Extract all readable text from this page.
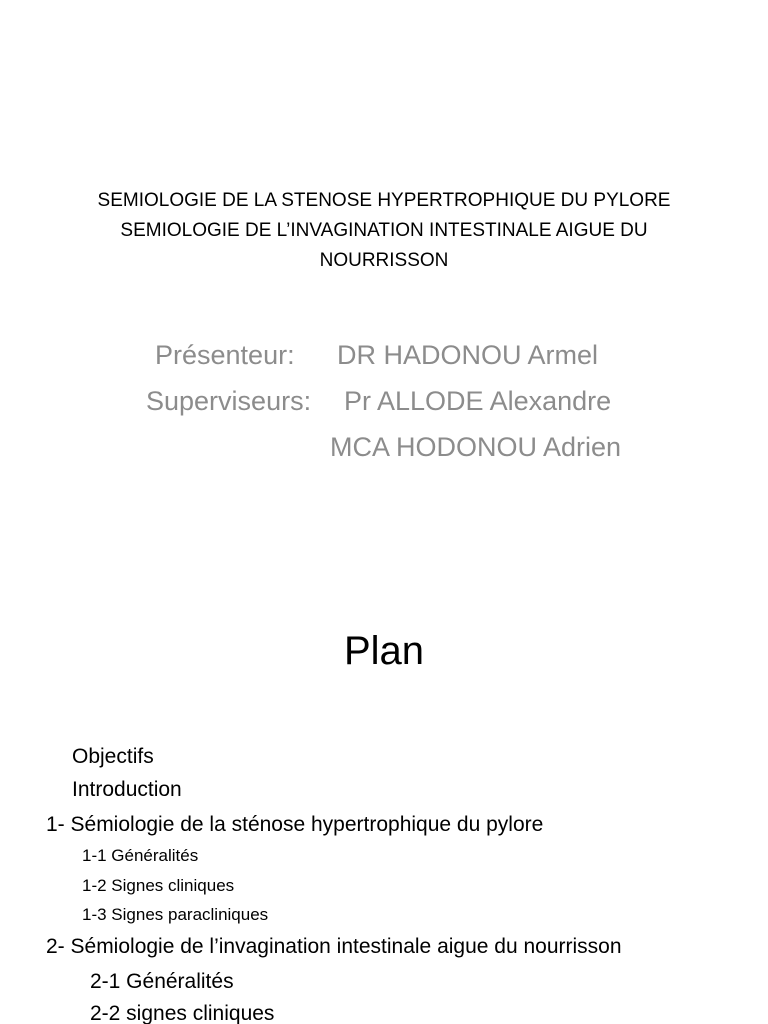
SEMIOLOGIE DE LA STENOSE HYPERTROPHIQUE DU PYLORE
SEMIOLOGIE DE L’INVAGINATION INTESTINALE AIGUE DU
NOURRISSON
Présenteur: DR HADONOU Armel
Superviseurs: Pr ALLODE Alexandre
MCA HODONOU Adrien
Plan
Objectifs
Introduction
1- Sémiologie de la sténose hypertrophique du pylore
1-1 Généralités
1-2 Signes cliniques
1-3 Signes paracliniques
2- Sémiologie de l’invagination intestinale aigue du nourrisson
2-1 Généralités
2-2 signes cliniques
